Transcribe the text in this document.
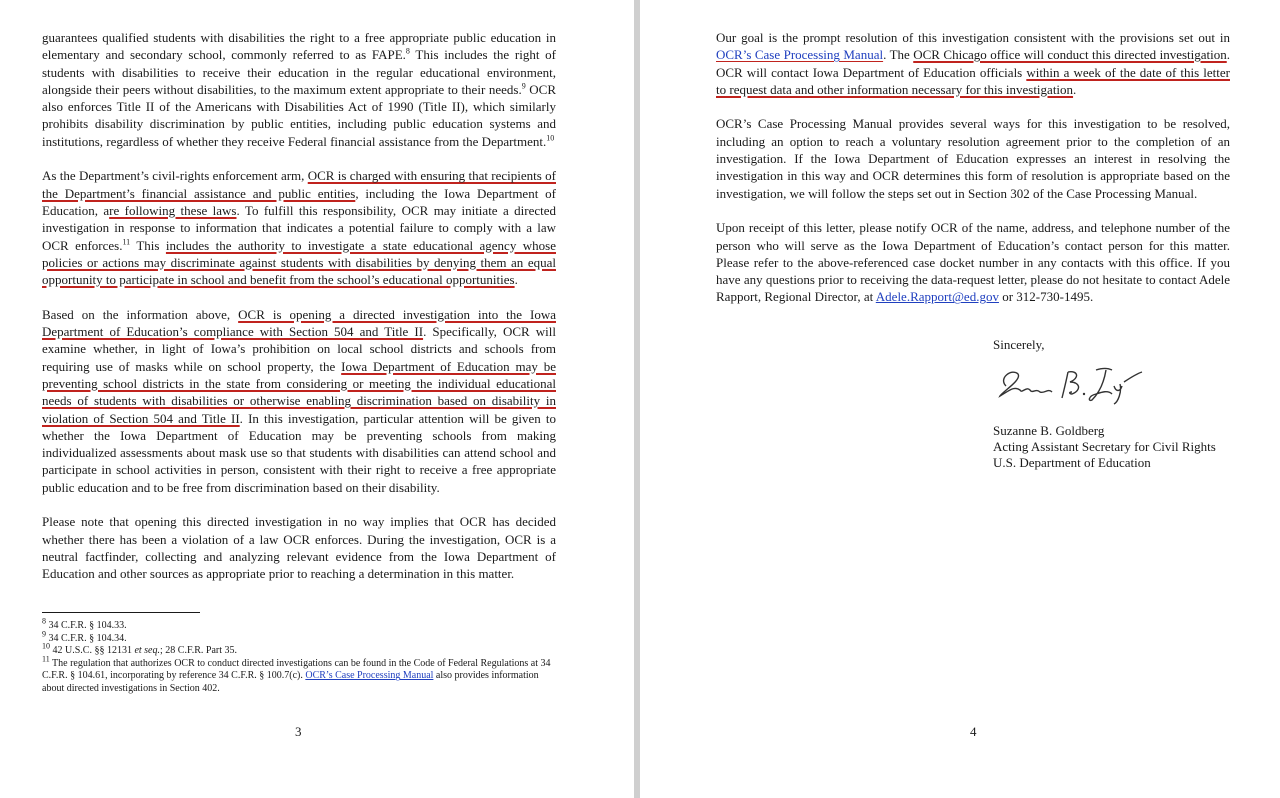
guarantees qualified students with disabilities the right to a free appropriate public education in elementary and secondary school, commonly referred to as FAPE.$^8$ This includes the right of students with disabilities to receive their education in the regular educational environment, alongside their peers without disabilities, to the maximum extent appropriate to their needs.$^9$ OCR also enforces Title II of the Americans with Disabilities Act of 1990 (Title II), which similarly prohibits disability discrimination by public entities, including public education systems and institutions, regardless of whether they receive Federal financial assistance from the Department.$^{10}$

As the Department’s civil-rights enforcement arm, OCR is charged with ensuring that recipients of the Department’s financial assistance and public entities, including the Iowa Department of Education, are following these laws. To fulfill this responsibility, OCR may initiate a directed investigation in response to information that indicates a potential failure to comply with a law OCR enforces.$^{11}$ This includes the authority to investigate a state educational agency whose policies or actions may discriminate against students with disabilities by denying them an equal opportunity to participate in school and benefit from the school’s educational opportunities.

Based on the information above, OCR is opening a directed investigation into the Iowa Department of Education’s compliance with Section 504 and Title II. Specifically, OCR will examine whether, in light of Iowa’s prohibition on local school districts and schools from requiring use of masks while on school property, the Iowa Department of Education may be preventing school districts in the state from considering or meeting the individual educational needs of students with disabilities or otherwise enabling discrimination based on disability in violation of Section 504 and Title II. In this investigation, particular attention will be given to whether the Iowa Department of Education may be preventing schools from making individualized assessments about mask use so that students with disabilities can attend school and participate in school activities in person, consistent with their right to receive a free appropriate public education and to be free from discrimination based on their disability.

Please note that opening this directed investigation in no way implies that OCR has decided whether there has been a violation of a law OCR enforces. During the investigation, OCR is a neutral factfinder, collecting and analyzing relevant evidence from the Iowa Department of Education and other sources as appropriate prior to reaching a determination in this matter.

$^8$ 34 C.F.R. § 104.33.
$^9$ 34 C.F.R. § 104.34.
$^{10}$ 42 U.S.C. §§ 12131 et seq.; 28 C.F.R. Part 35.
$^{11}$ The regulation that authorizes OCR to conduct directed investigations can be found in the Code of Federal Regulations at 34 C.F.R. § 104.61, incorporating by reference 34 C.F.R. § 100.7(c). OCR’s Case Processing Manual also provides information about directed investigations in Section 402.
3

Our goal is the prompt resolution of this investigation consistent with the provisions set out in OCR’s Case Processing Manual. The OCR Chicago office will conduct this directed investigation. OCR will contact Iowa Department of Education officials within a week of the date of this letter to request data and other information necessary for this investigation.

OCR’s Case Processing Manual provides several ways for this investigation to be resolved, including an option to reach a voluntary resolution agreement prior to the completion of an investigation. If the Iowa Department of Education expresses an interest in resolving the investigation in this way and OCR determines this form of resolution is appropriate based on the investigation, we will follow the steps set out in Section 302 of the Case Processing Manual.

Upon receipt of this letter, please notify OCR of the name, address, and telephone number of the person who will serve as the Iowa Department of Education’s contact person for this matter. Please refer to the above-referenced case docket number in any contacts with this office. If you have any questions prior to receiving the data-request letter, please do not hesitate to contact Adele Rapport, Regional Director, at Adele.Rapport@ed.gov or 312-730-1495.

Sincerely,
Suzanne B. Goldberg
Acting Assistant Secretary for Civil Rights
U.S. Department of Education
4
